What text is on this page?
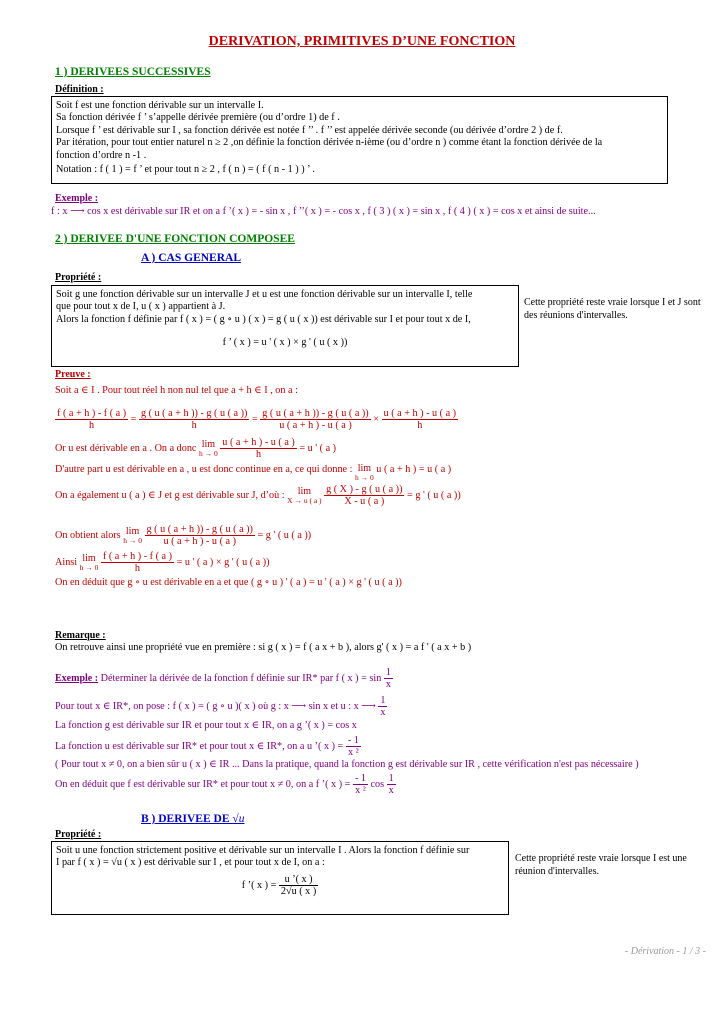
DERIVATION, PRIMITIVES D’UNE FONCTION
1 ) DERIVEES SUCCESSIVES
Définition :
Soit f est une fonction dérivable sur un intervalle I.
Sa fonction dérivée f ’ s’appelle dérivée première (ou d’ordre 1) de f .
Lorsque f ’ est dérivable sur I , sa fonction dérivée est notée f ’’ . f ’’ est appelée dérivée seconde (ou dérivée d’ordre 2 ) de f.
Par itération, pour tout entier naturel n ≥ 2 ,on définie la fonction dérivée n-ième (ou d’ordre n ) comme étant la fonction dérivée de la
fonction d’ordre n -1 .
Notation : f ( 1 ) = f ’ et pour tout n ≥ 2 , f ( n ) = ( f ( n - 1 ) ) ’ .
Exemple :
f : x ⟶ cos x est dérivable sur IR et on a f ’( x ) = - sin x , f ’’( x ) = - cos x , f ( 3 ) ( x ) = sin x , f ( 4 ) ( x ) = cos x et ainsi de suite...
2 ) DERIVEE D'UNE FONCTION COMPOSEE
A ) CAS GENERAL
Propriété :
Soit g une fonction dérivable sur un intervalle J et u est une fonction dérivable sur un intervalle I, telle
que pour tout x de I, u ( x ) appartient à J.
Alors la fonction f définie par f ( x ) = ( g ∘ u ) ( x ) = g ( u ( x )) est dérivable sur I et pour tout x de I,
f ’ ( x ) = u ' ( x ) × g ' ( u ( x ))
Cette propriété reste vraie lorsque I et J sont des réunions d'intervalles.
Preuve :
Soit a ∈ I . Pour tout réel h non nul tel que a + h ∈ I , on a :
$\frac{f ( a + h ) - f ( a )}{h} = \frac{g ( u ( a + h )) - g ( u ( a ))}{h} = \frac{g ( u ( a + h )) - g ( u ( a ))}{u ( a + h ) - u ( a )} \times \frac{u ( a + h ) - u ( a )}{h}$
Or u est dérivable en a . On a donc lim
h → 0
$\frac{u ( a + h ) - u ( a )}{h} = u$ ' ( a )
D'autre part u est dérivable en a , u est donc continue en a, ce qui donne : lim
h → 0
u ( a + h ) = u ( a )
On a également u ( a ) ∈ J et g est dérivable sur J, d’où :	lim
X → u ( a )
$\frac{g ( X ) - g ( u ( a ))}{X - u ( a )} = g$ ' ( u ( a ))
On obtient alors lim
h → 0
$\frac{g ( u ( a + h )) - g ( u ( a ))}{u ( a + h ) - u ( a )} = g$ ' ( u ( a ))
Ainsi lim
h → 0
$\frac{f ( a + h ) - f ( a )}{h} = u$ ' ( a ) × g ' ( u ( a ))
On en déduit que g ∘ u est dérivable en a et que ( g ∘ u ) ' ( a ) = u ' ( a ) × g ' ( u ( a ))
Remarque :
On retrouve ainsi une propriété vue en première : si g ( x ) = f ( a x + b ), alors g' ( x ) = a f ' ( a x + b )
Exemple : Déterminer la dérivée de la fonction f définie sur IR* par f ( x ) = $\sin \frac{1}{x}$
Pour tout x ∈ IR*, on pose : f ( x ) = ( g ∘ u )( x ) où g : x ⟶ sin x et u : x ⟶ $\frac{1}{x}$
La fonction g est dérivable sur IR et pour tout x ∈ IR, on a g ’( x ) = cos x
La fonction u est dérivable sur IR* et pour tout x ∈ IR*, on a u ’( x ) = $\frac{- 1}{\text{x ²}}$
( Pour tout x ≠ 0, on a bien sûr u ( x ) ∈ IR ... Dans la pratique, quand la fonction g est dérivable sur IR , cette vérification n'est pas nécessaire )
On en déduit que f est dérivable sur IR* et pour tout x ≠ 0, on a f ’( x ) = $\frac{- 1}{\text{x ²}}$ $\cos \frac{1}{x}$
B ) DERIVEE DE √u
Propriété :
Soit u une fonction strictement positive et dérivable sur un intervalle I . Alors la fonction f définie sur
I par f ( x ) = √u ( x ) est dérivable sur I , et pour tout x de I, on a :
f ’( x ) = $\frac{u ’( x )}{2√u ( x )}$
Cette propriété reste vraie lorsque I est une réunion d'intervalles.
- Dérivation - 1 / 3 -
